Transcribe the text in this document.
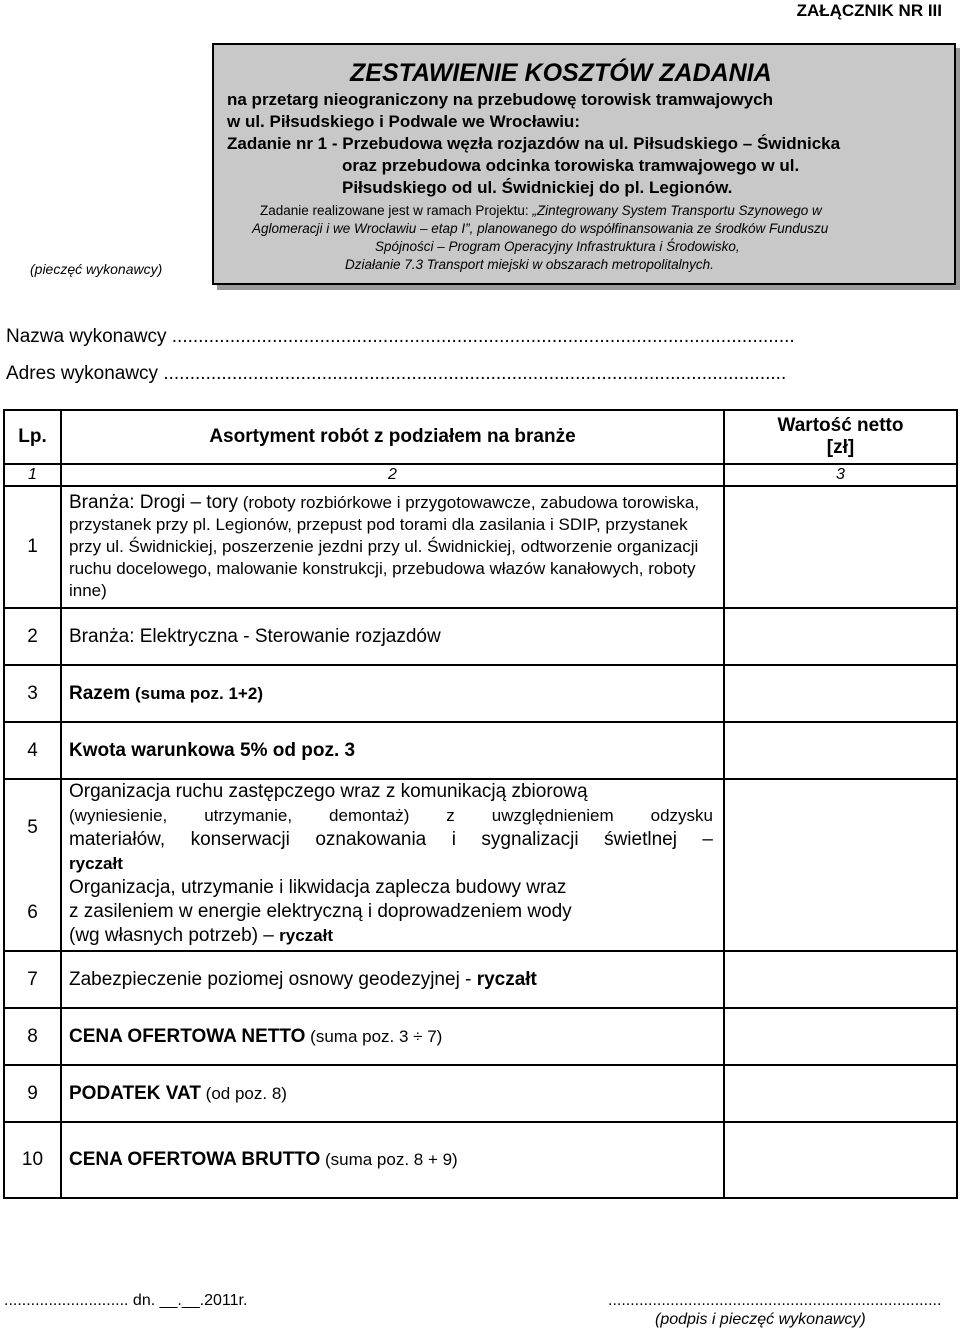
ZAŁĄCZNIK NR III
(pieczęć wykonawcy)
ZESTAWIENIE KOSZTÓW ZADANIA
na przetarg nieograniczony na przebudowę torowisk tramwajowych
w ul. Piłsudskiego i Podwale we Wrocławiu:
Zadanie nr 1 - Przebudowa węzła rozjazdów na ul. Piłsudskiego – Świdnicka
oraz przebudowa odcinka torowiska tramwajowego w ul.
Piłsudskiego od ul. Świdnickiej do pl. Legionów.
Zadanie realizowane jest w ramach Projektu: „Zintegrowany System Transportu Szynowego w
Aglomeracji i we Wrocławiu – etap I”, planowanego do współfinansowania ze środków Funduszu
Spójności – Program Operacyjny Infrastruktura i Środowisko,
Działanie 7.3 Transport miejski w obszarach metropolitalnych.
Nazwa wykonawcy ......................................................................................................................
Adres wykonawcy ......................................................................................................................
Lp.	Asortyment robót z podziałem na branże	Wartość netto
[zł]

1	2	3
1	Branża: Drogi – tory (roboty rozbiórkowe i przygotowawcze, zabudowa torowiska, przystanek przy pl. Legionów, przepust pod torami dla zasilania i SDIP, przystanek przy ul. Świdnickiej, poszerzenie jezdni przy ul. Świdnickiej, odtworzenie organizacji ruchu docelowego, malowanie konstrukcji, przebudowa włazów kanałowych, roboty inne)	
2	Branża: Elektryczna - Sterowanie rozjazdów	
3	Razem (suma poz. 1+2)	
4	Kwota warunkowa 5% od poz. 3	
5	Organizacja ruchu zastępczego wraz z komunikacją zbiorową
(wyniesienie, utrzymanie, demontaż) z uwzględnieniem odzysku
materiałów, konserwacji oznakowania i sygnalizacji świetlnej –
ryczałt	

6	Organizacja, utrzymanie i likwidacja zaplecza budowy wraz
z zasileniem w energie elektryczną i doprowadzeniem wody
(wg własnych potrzeb) – ryczałt	

7	Zabezpieczenie poziomej osnowy geodezyjnej - ryczałt	
8	CENA OFERTOWA NETTO (suma poz. 3 ÷ 7)	
9	PODATEK VAT (od poz. 8)	
10	CENA OFERTOWA BRUTTO (suma poz. 8 + 9)	
............................ dn. __.__.2011r.	...........................................................................
(podpis i pieczęć wykonawcy)
